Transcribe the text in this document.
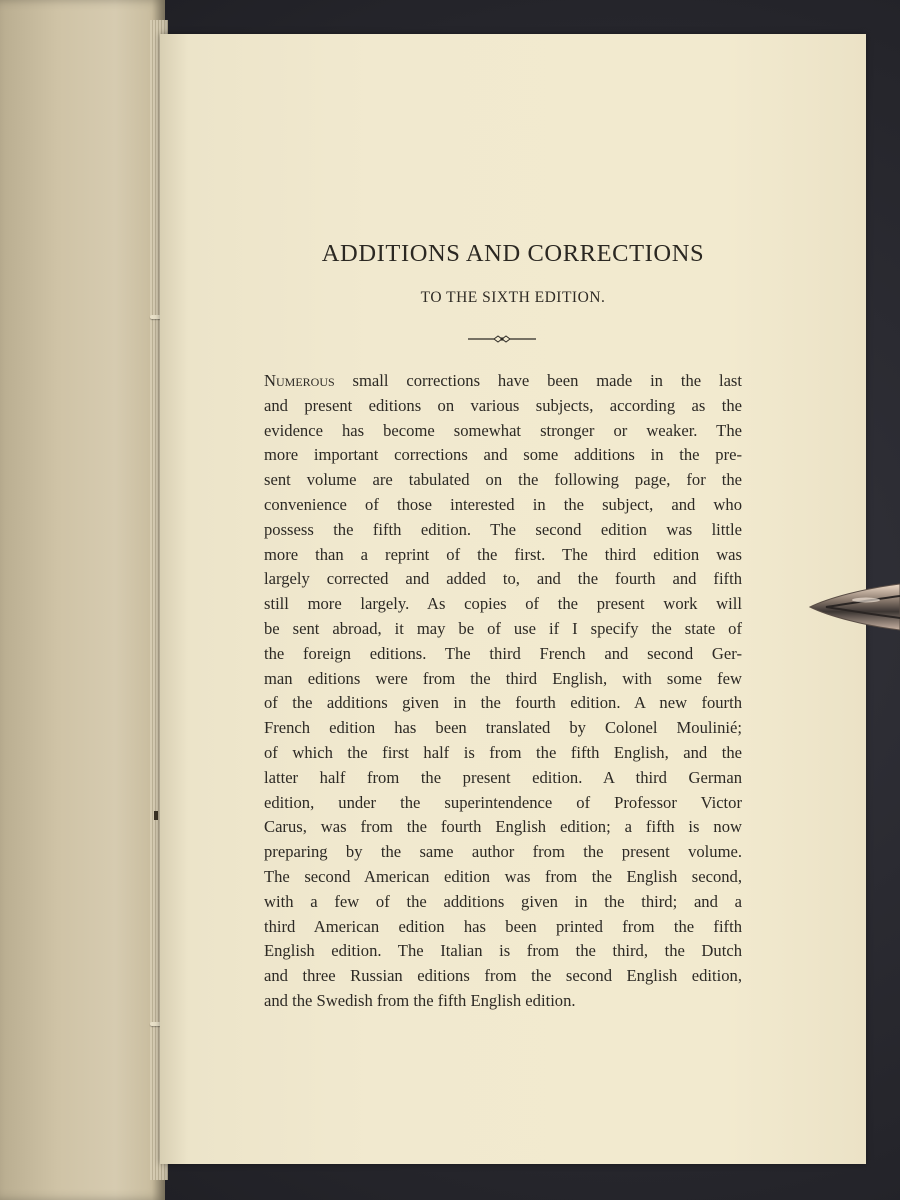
ADDITIONS AND CORRECTIONS
TO THE SIXTH EDITION.
Numerous small corrections have been made in the last
and present editions on various subjects, according as the
evidence has become somewhat stronger or weaker. The
more important corrections and some additions in the pre-
sent volume are tabulated on the following page, for the
convenience of those interested in the subject, and who
possess the fifth edition. The second edition was little
more than a reprint of the first. The third edition was
largely corrected and added to, and the fourth and fifth
still more largely. As copies of the present work will
be sent abroad, it may be of use if I specify the state of
the foreign editions. The third French and second Ger-
man editions were from the third English, with some few
of the additions given in the fourth edition. A new fourth
French edition has been translated by Colonel Moulinié;
of which the first half is from the fifth English, and the
latter half from the present edition. A third German
edition, under the superintendence of Professor Victor
Carus, was from the fourth English edition; a fifth is now
preparing by the same author from the present volume.
The second American edition was from the English second,
with a few of the additions given in the third; and a
third American edition has been printed from the fifth
English edition. The Italian is from the third, the Dutch
and three Russian editions from the second English edition,
and the Swedish from the fifth English edition.
